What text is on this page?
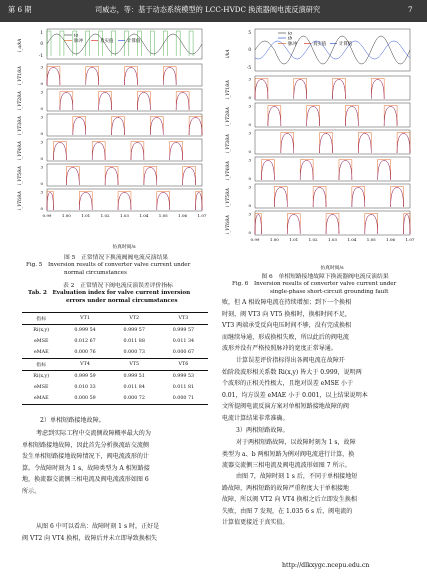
第 6 期	司威志，等：基于动态系统模型的 LCC-HVDC 换流器阀电流反演研究	7
ia
脉冲	真实值	计算值
1
0
-1
i_a/kA
3
0
i_VT1/kA
3
0
i_VT2/kA
3
0
i_VT3/kA
3
0
i_VT4/kA
3
0
i_VT5/kA
3
0
i_VT6/kA
0.99	1.00	1.01	1.02	1.03	1.04	1.05	1.06	1.07
仿真时间/s
图 5　正常情况下换流阀阀电流反演结果
Fig. 5　Inversion results of converter valve current under
normal circumstances
ia
ib
脉冲	真实值	计算值
5
0
-5
i/kA
3
0
i_VT1/kA
3
0
i_VT2/kA
3
0
i_VT3/kA
3
0
i_VT4/kA
3
0
i_VT5/kA
3
0
i_VT6/kA
0.99	1.00	1.01	1.02	1.03	1.04	1.05	1.06	1.07
仿真时间/s
图 6　单相短路接地故障下换流器阀电流反演结果
Fig. 6　Inversion results of converter valve current under
single-phase short-circuit grounding fault
表 2　正常情况下阀电流反演误差评价指标
Tab. 2　Evaluation index for valve current inversion
errors under normal circumstances
指标	VT1	VT2	VT3
Ri(x,y)	0.999 54	0.999 57	0.999 57
eMSE	0.012 67	0.011 88	0.011 34
eMAE	0.000 76	0.000 73	0.000 67
指标	VT4	VT5	VT6
Ri(x,y)	0.999 59	0.999 51	0.999 53
eMSE	0.010 33	0.011 84	0.011 81
eMAE	0.000 59	0.000 72	0.000 71
2）单相短路接地故障。
考虑到实际工程中交流侧故障概率最大的为
单相短路接地故障，因此首先分析换流站交流侧
发生单相短路接地故障情况下，阀电流波形的计
算。令故障时刻为 1 s，故障类型为 A 相短路接
地，换流器交流侧三相电流及阀电流波形如图 6
所示。
从图 6 中可以看出：故障时刻 1 s 时，正好是
阀 VT2 向 VT4 换相，故障后并未立即导致换相失
败，但 A 相故障电流在持续增加；到下一个换相
时刻，阀 VT3 向 VT5 换相时，换相时间不足，
VT3 两端承受反向电压时间不够，没有完成换相
而继续导通，形成换相失败，所以此后的阀电流
波形并没有严格按照脉冲的宽度正常导通。
计算误差评价指标得出各阀电流在故障开
始阶段波形相关系数 Ri(x,y) 皆大于 0.999，说明两
个波形的正相关性极大，且绝对误差 eMSE 小于
0.01，均方误差 eMAE 小于 0.001，以上结果说明本
文所提阀电流反演方案对单相短路接地故障的阀
电流计算结果非常准确。
3）两相短路故障。
对于两相短路故障，以故障时刻为 1 s，故障
类型为 a、b 两相短路为例对阀电流进行计算，换
流器交流侧三相电流及阀电流波形如图 7 所示。
由图 7，故障时刻 1 s 后，不同于单相接地短
路故障，两相短路的故障严重程度大于单相接地
故障，所以阀 VT2 向 VT4 换相之后立即发生换相
失败，由图 7 发现，在 1.035 6 s 后，阀电流的
计算值更接近于真实值。
http://dlkxygc.ncepu.edu.cn
